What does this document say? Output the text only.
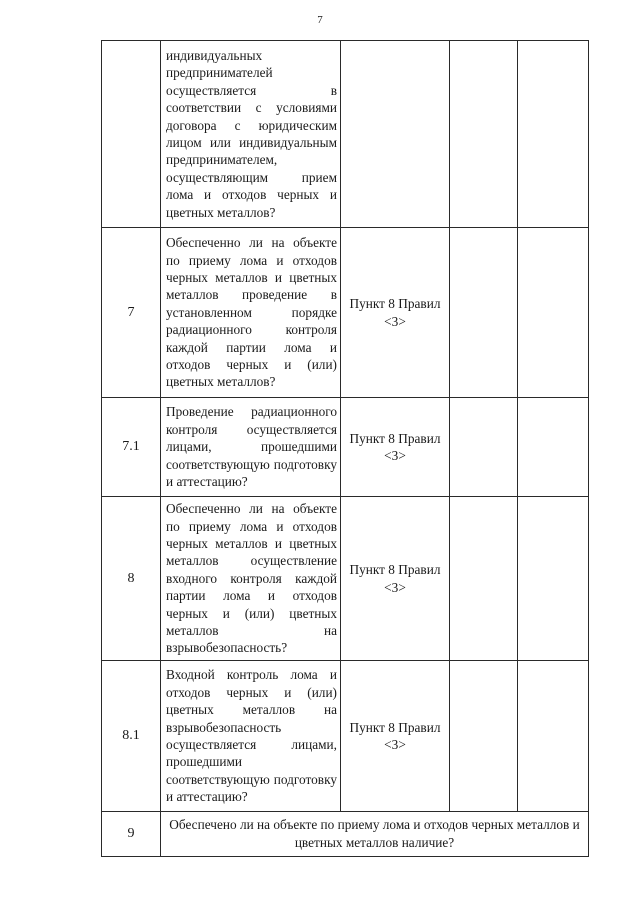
7

	индивидуальных предпринимателей осуществляется в соответствии с условиями договора с юридическим лицом или индивидуальным предпринимателем, осуществляющим прием лома и отходов черных и цветных металлов?			

7	Обеспеченно ли на объекте по приему лома и отходов черных металлов и цветных металлов проведение в установленном порядке радиационного контроля каждой партии лома и отходов черных и (или) цветных металлов?	Пункт 8 Правил <3>		
7.1	Проведение радиационного контроля осуществляется лицами, прошедшими соответствующую подготовку и аттестацию?	Пункт 8 Правил <3>		
8	Обеспеченно ли на объекте по приему лома и отходов черных металлов и цветных металлов осуществление входного контроля каждой партии лома и отходов черных и (или) цветных металлов на взрывобезопасность?	Пункт 8 Правил <3>		
8.1	Входной контроль лома и отходов черных и (или) цветных металлов на взрывобезопасность осуществляется лицами, прошедшими соответствующую подготовку и аттестацию?	Пункт 8 Правил <3>		
9	Обеспечено ли на объекте по приему лома и отходов черных металлов и цветных металлов наличие?			
